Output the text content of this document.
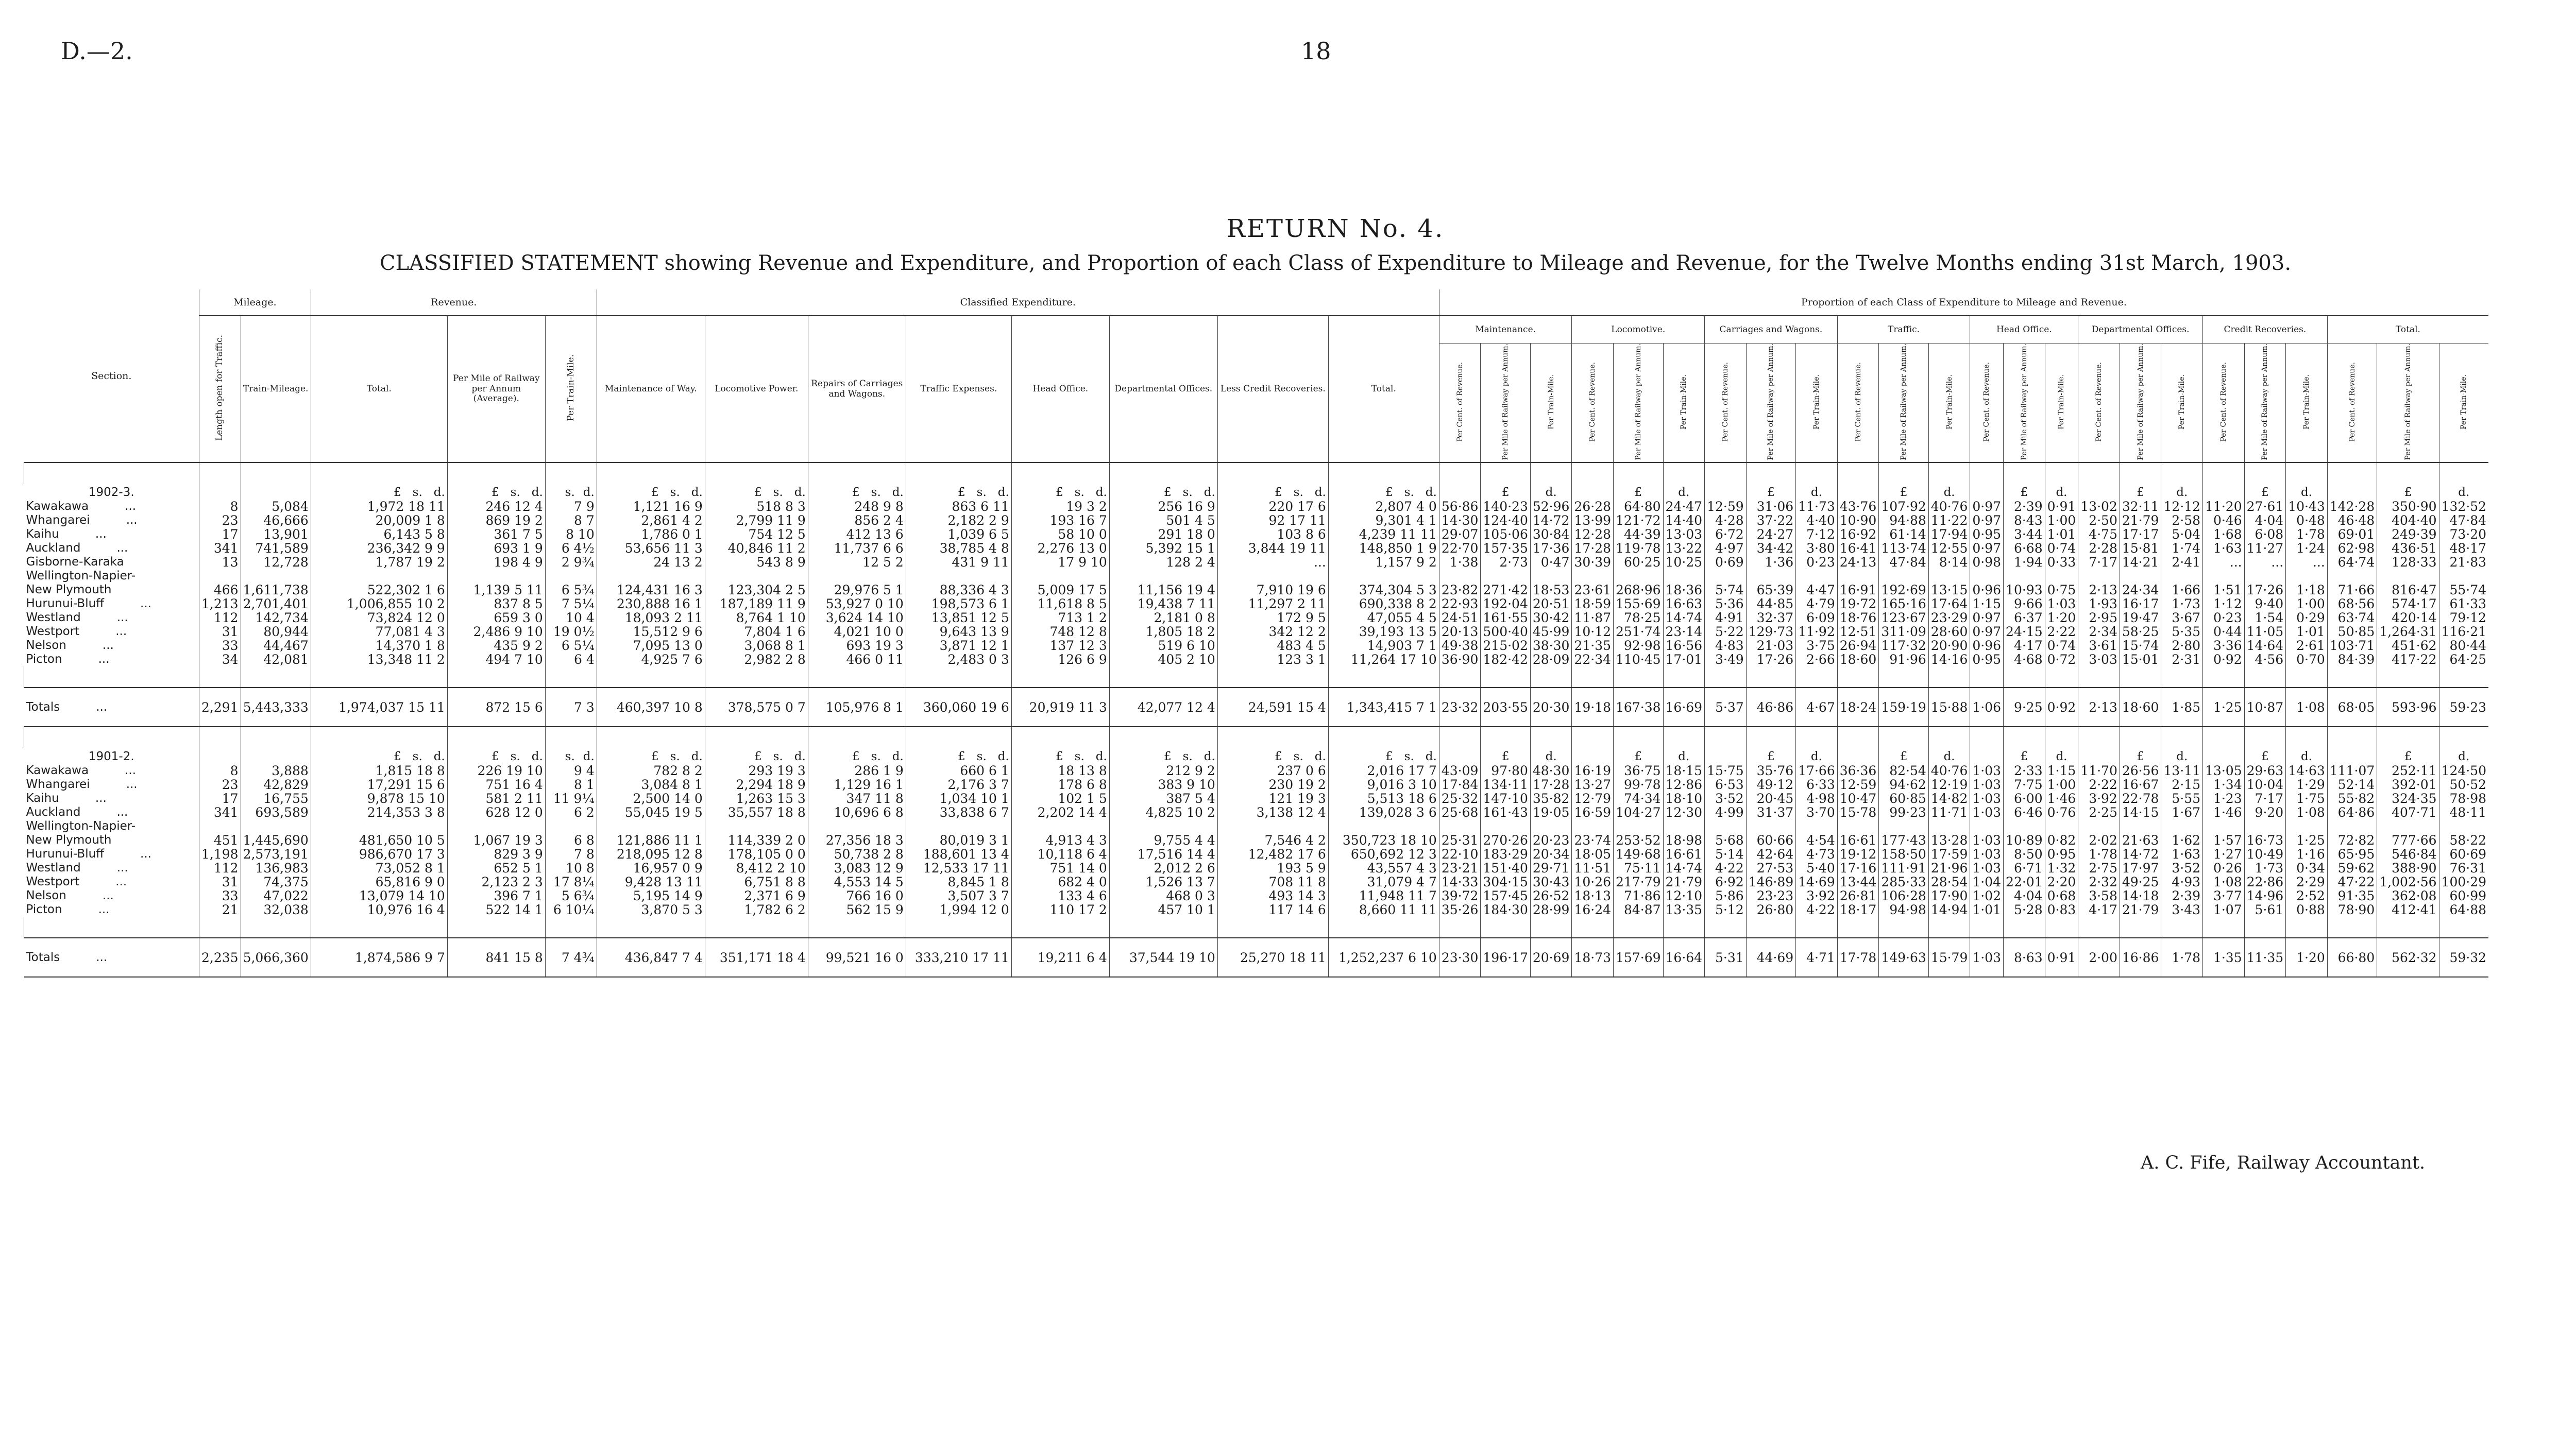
D.—2.	18
RETURN No. 4.
CLASSIFIED STATEMENT showing Revenue and Expenditure, and Proportion of each Class of Expenditure to Mileage and Revenue, for the Twelve Months ending 31st March, 1903.
Section.	Mileage.		Revenue.			Classified Expenditure.								Proportion of each Class of Expenditure to Mileage and Revenue.																							
	Length open for Traffic.	Train-Mileage.	Total.	Per Mile of Railway per Annum (Average).	Per Train-Mile.	Maintenance of Way.	Locomotive Power.	Repairs of Carriages and Wagons.	Traffic Expenses.	Head Office.	Departmental Offices.	Less Credit Recoveries.	Total.	Maintenance.			Locomotive.			Carriages and Wagons.			Traffic.			Head Office.			Departmental Offices.			Credit Recoveries.			Total.		
														Per Cent. of Revenue.	Per Mile of Railway per Annum.	Per Train-Mile.	Per Cent. of Revenue.	Per Mile of Railway per Annum.	Per Train-Mile.	Per Cent. of Revenue.	Per Mile of Railway per Annum.	Per Train-Mile.	Per Cent. of Revenue.	Per Mile of Railway per Annum.	Per Train-Mile.	Per Cent. of Revenue.	Per Mile of Railway per Annum.	Per Train-Mile.	Per Cent. of Revenue.	Per Mile of Railway per Annum.	Per Train-Mile.	Per Cent. of Revenue.	Per Mile of Railway per Annum.	Per Train-Mile.	Per Cent. of Revenue.	Per Mile of Railway per Annum.	Per Train-Mile.

1902-3.			£ s. d.	£ s. d.	s. d.	£ s. d.	£ s. d.	£ s. d.	£ s. d.	£ s. d.	£ s. d.	£ s. d.	£ s. d.		£	d.		£	d.		£	d.		£	d.		£	d.		£	d.		£	d.		£	d.
Kawakawa ...	8	5,084	1,972 18 11	246 12 4	7 9	1,121 16 9	518 8 3	248 9 8	863 6 11	19 3 2	256 16 9	220 17 6	2,807 4 0	56·86	140·23	52·96	26·28	64·80	24·47	12·59	31·06	11·73	43·76	107·92	40·76	0·97	2·39	0·91	13·02	32·11	12·12	11·20	27·61	10·43	142·28	350·90	132·52
Whangarei ...	23	46,666	20,009 1 8	869 19 2	8 7	2,861 4 2	2,799 11 9	856 2 4	2,182 2 9	193 16 7	501 4 5	92 17 11	9,301 4 1	14·30	124·40	14·72	13·99	121·72	14·40	4·28	37·22	4·40	10·90	94·88	11·22	0·97	8·43	1·00	2·50	21·79	2·58	0·46	4·04	0·48	46·48	404·40	47·84
Kaihu ...	17	13,901	6,143 5 8	361 7 5	8 10	1,786 0 1	754 12 5	412 13 6	1,039 6 5	58 10 0	291 18 0	103 8 6	4,239 11 11	29·07	105·06	30·84	12·28	44·39	13·03	6·72	24·27	7·12	16·92	61·14	17·94	0·95	3·44	1·01	4·75	17·17	5·04	1·68	6·08	1·78	69·01	249·39	73·20
Auckland ...	341	741,589	236,342 9 9	693 1 9	6 4½	53,656 11 3	40,846 11 2	11,737 6 6	38,785 4 8	2,276 13 0	5,392 15 1	3,844 19 11	148,850 1 9	22·70	157·35	17·36	17·28	119·78	13·22	4·97	34·42	3·80	16·41	113·74	12·55	0·97	6·68	0·74	2·28	15·81	1·74	1·63	11·27	1·24	62·98	436·51	48·17
Gisborne-Karaka	13	12,728	1,787 19 2	198 4 9	2 9¾	24 13 2	543 8 9	12 5 2	431 9 11	17 9 10	128 2 4	...	1,157 9 2	1·38	2·73	0·47	30·39	60·25	10·25	0·69	1·36	0·23	24·13	47·84	8·14	0·98	1·94	0·33	7·17	14·21	2·41	...	...	...	64·74	128·33	21·83
Wellington-Napier-																																					
New Plymouth	466	1,611,738	522,302 1 6	1,139 5 11	6 5¾	124,431 16 3	123,304 2 5	29,976 5 1	88,336 4 3	5,009 17 5	11,156 19 4	7,910 19 6	374,304 5 3	23·82	271·42	18·53	23·61	268·96	18·36	5·74	65·39	4·47	16·91	192·69	13·15	0·96	10·93	0·75	2·13	24·34	1·66	1·51	17·26	1·18	71·66	816·47	55·74
Hurunui-Bluff ...	1,213	2,701,401	1,006,855 10 2	837 8 5	7 5¼	230,888 16 1	187,189 11 9	53,927 0 10	198,573 6 1	11,618 8 5	19,438 7 11	11,297 2 11	690,338 8 2	22·93	192·04	20·51	18·59	155·69	16·63	5·36	44·85	4·79	19·72	165·16	17·64	1·15	9·66	1·03	1·93	16·17	1·73	1·12	9·40	1·00	68·56	574·17	61·33
Westland ...	112	142,734	73,824 12 0	659 3 0	10 4	18,093 2 11	8,764 1 10	3,624 14 10	13,851 12 5	713 1 2	2,181 0 8	172 9 5	47,055 4 5	24·51	161·55	30·42	11·87	78·25	14·74	4·91	32·37	6·09	18·76	123·67	23·29	0·97	6·37	1·20	2·95	19·47	3·67	0·23	1·54	0·29	63·74	420·14	79·12
Westport ...	31	80,944	77,081 4 3	2,486 9 10	19 0½	15,512 9 6	7,804 1 6	4,021 10 0	9,643 13 9	748 12 8	1,805 18 2	342 12 2	39,193 13 5	20·13	500·40	45·99	10·12	251·74	23·14	5·22	129·73	11·92	12·51	311·09	28·60	0·97	24·15	2·22	2·34	58·25	5·35	0·44	11·05	1·01	50·85	1,264·31	116·21
Nelson ...	33	44,467	14,370 1 8	435 9 2	6 5¼	7,095 13 0	3,068 8 1	693 19 3	3,871 12 1	137 12 3	519 6 10	483 4 5	14,903 7 1	49·38	215·02	38·30	21·35	92·98	16·56	4·83	21·03	3·75	26·94	117·32	20·90	0·96	4·17	0·74	3·61	15·74	2·80	3·36	14·64	2·61	103·71	451·62	80·44
Picton ...	34	42,081	13,348 11 2	494 7 10	6 4	4,925 7 6	2,982 2 8	466 0 11	2,483 0 3	126 6 9	405 2 10	123 3 1	11,264 17 10	36·90	182·42	28·09	22·34	110·45	17·01	3·49	17·26	2·66	18·60	91·96	14·16	0·95	4·68	0·72	3·03	15·01	2·31	0·92	4·56	0·70	84·39	417·22	64·25

Totals ...	2,291	5,443,333	1,974,037 15 11	872 15 6	7 3	460,397 10 8	378,575 0 7	105,976 8 1	360,060 19 6	20,919 11 3	42,077 12 4	24,591 15 4	1,343,415 7 1	23·32	203·55	20·30	19·18	167·38	16·69	5·37	46·86	4·67	18·24	159·19	15·88	1·06	9·25	0·92	2·13	18·60	1·85	1·25	10·87	1·08	68·05	593·96	59·23

1901-2.			£ s. d.	£ s. d.	s. d.	£ s. d.	£ s. d.	£ s. d.	£ s. d.	£ s. d.	£ s. d.	£ s. d.	£ s. d.		£	d.		£	d.		£	d.		£	d.		£	d.		£	d.		£	d.		£	d.
Kawakawa ...	8	3,888	1,815 18 8	226 19 10	9 4	782 8 2	293 19 3	286 1 9	660 6 1	18 13 8	212 9 2	237 0 6	2,016 17 7	43·09	97·80	48·30	16·19	36·75	18·15	15·75	35·76	17·66	36·36	82·54	40·76	1·03	2·33	1·15	11·70	26·56	13·11	13·05	29·63	14·63	111·07	252·11	124·50
Whangarei ...	23	42,829	17,291 15 6	751 16 4	8 1	3,084 8 1	2,294 18 9	1,129 16 1	2,176 3 7	178 6 8	383 9 10	230 19 2	9,016 3 10	17·84	134·11	17·28	13·27	99·78	12·86	6·53	49·12	6·33	12·59	94·62	12·19	1·03	7·75	1·00	2·22	16·67	2·15	1·34	10·04	1·29	52·14	392·01	50·52
Kaihu ...	17	16,755	9,878 15 10	581 2 11	11 9¼	2,500 14 0	1,263 15 3	347 11 8	1,034 10 1	102 1 5	387 5 4	121 19 3	5,513 18 6	25·32	147·10	35·82	12·79	74·34	18·10	3·52	20·45	4·98	10·47	60·85	14·82	1·03	6·00	1·46	3·92	22·78	5·55	1·23	7·17	1·75	55·82	324·35	78·98
Auckland ...	341	693,589	214,353 3 8	628 12 0	6 2	55,045 19 5	35,557 18 8	10,696 6 8	33,838 6 7	2,202 14 4	4,825 10 2	3,138 12 4	139,028 3 6	25·68	161·43	19·05	16·59	104·27	12·30	4·99	31·37	3·70	15·78	99·23	11·71	1·03	6·46	0·76	2·25	14·15	1·67	1·46	9·20	1·08	64·86	407·71	48·11
Wellington-Napier-																																					
New Plymouth	451	1,445,690	481,650 10 5	1,067 19 3	6 8	121,886 11 1	114,339 2 0	27,356 18 3	80,019 3 1	4,913 4 3	9,755 4 4	7,546 4 2	350,723 18 10	25·31	270·26	20·23	23·74	253·52	18·98	5·68	60·66	4·54	16·61	177·43	13·28	1·03	10·89	0·82	2·02	21·63	1·62	1·57	16·73	1·25	72·82	777·66	58·22
Hurunui-Bluff ...	1,198	2,573,191	986,670 17 3	829 3 9	7 8	218,095 12 8	178,105 0 0	50,738 2 8	188,601 13 4	10,118 6 4	17,516 14 4	12,482 17 6	650,692 12 3	22·10	183·29	20·34	18·05	149·68	16·61	5·14	42·64	4·73	19·12	158·50	17·59	1·03	8·50	0·95	1·78	14·72	1·63	1·27	10·49	1·16	65·95	546·84	60·69
Westland ...	112	136,983	73,052 8 1	652 5 1	10 8	16,957 0 9	8,412 2 10	3,083 12 9	12,533 17 11	751 14 0	2,012 2 6	193 5 9	43,557 4 3	23·21	151·40	29·71	11·51	75·11	14·74	4·22	27·53	5·40	17·16	111·91	21·96	1·03	6·71	1·32	2·75	17·97	3·52	0·26	1·73	0·34	59·62	388·90	76·31
Westport ...	31	74,375	65,816 9 0	2,123 2 3	17 8¼	9,428 13 11	6,751 8 8	4,553 14 5	8,845 1 8	682 4 0	1,526 13 7	708 11 8	31,079 4 7	14·33	304·15	30·43	10·26	217·79	21·79	6·92	146·89	14·69	13·44	285·33	28·54	1·04	22·01	2·20	2·32	49·25	4·93	1·08	22·86	2·29	47·22	1,002·56	100·29
Nelson ...	33	47,022	13,079 14 10	396 7 1	5 6¾	5,195 14 9	2,371 6 9	766 16 0	3,507 3 7	133 4 6	468 0 3	493 14 3	11,948 11 7	39·72	157·45	26·52	18·13	71·86	12·10	5·86	23·23	3·92	26·81	106·28	17·90	1·02	4·04	0·68	3·58	14·18	2·39	3·77	14·96	2·52	91·35	362·08	60·99
Picton ...	21	32,038	10,976 16 4	522 14 1	6 10¼	3,870 5 3	1,782 6 2	562 15 9	1,994 12 0	110 17 2	457 10 1	117 14 6	8,660 11 11	35·26	184·30	28·99	16·24	84·87	13·35	5·12	26·80	4·22	18·17	94·98	14·94	1·01	5·28	0·83	4·17	21·79	3·43	1·07	5·61	0·88	78·90	412·41	64·88

Totals ...	2,235	5,066,360	1,874,586 9 7	841 15 8	7 4¾	436,847 7 4	351,171 18 4	99,521 16 0	333,210 17 11	19,211 6 4	37,544 19 10	25,270 18 11	1,252,237 6 10	23·30	196·17	20·69	18·73	157·69	16·64	5·31	44·69	4·71	17·78	149·63	15·79	1·03	8·63	0·91	2·00	16·86	1·78	1·35	11·35	1·20	66·80	562·32	59·32
A. C. Fife, Railway Accountant.
